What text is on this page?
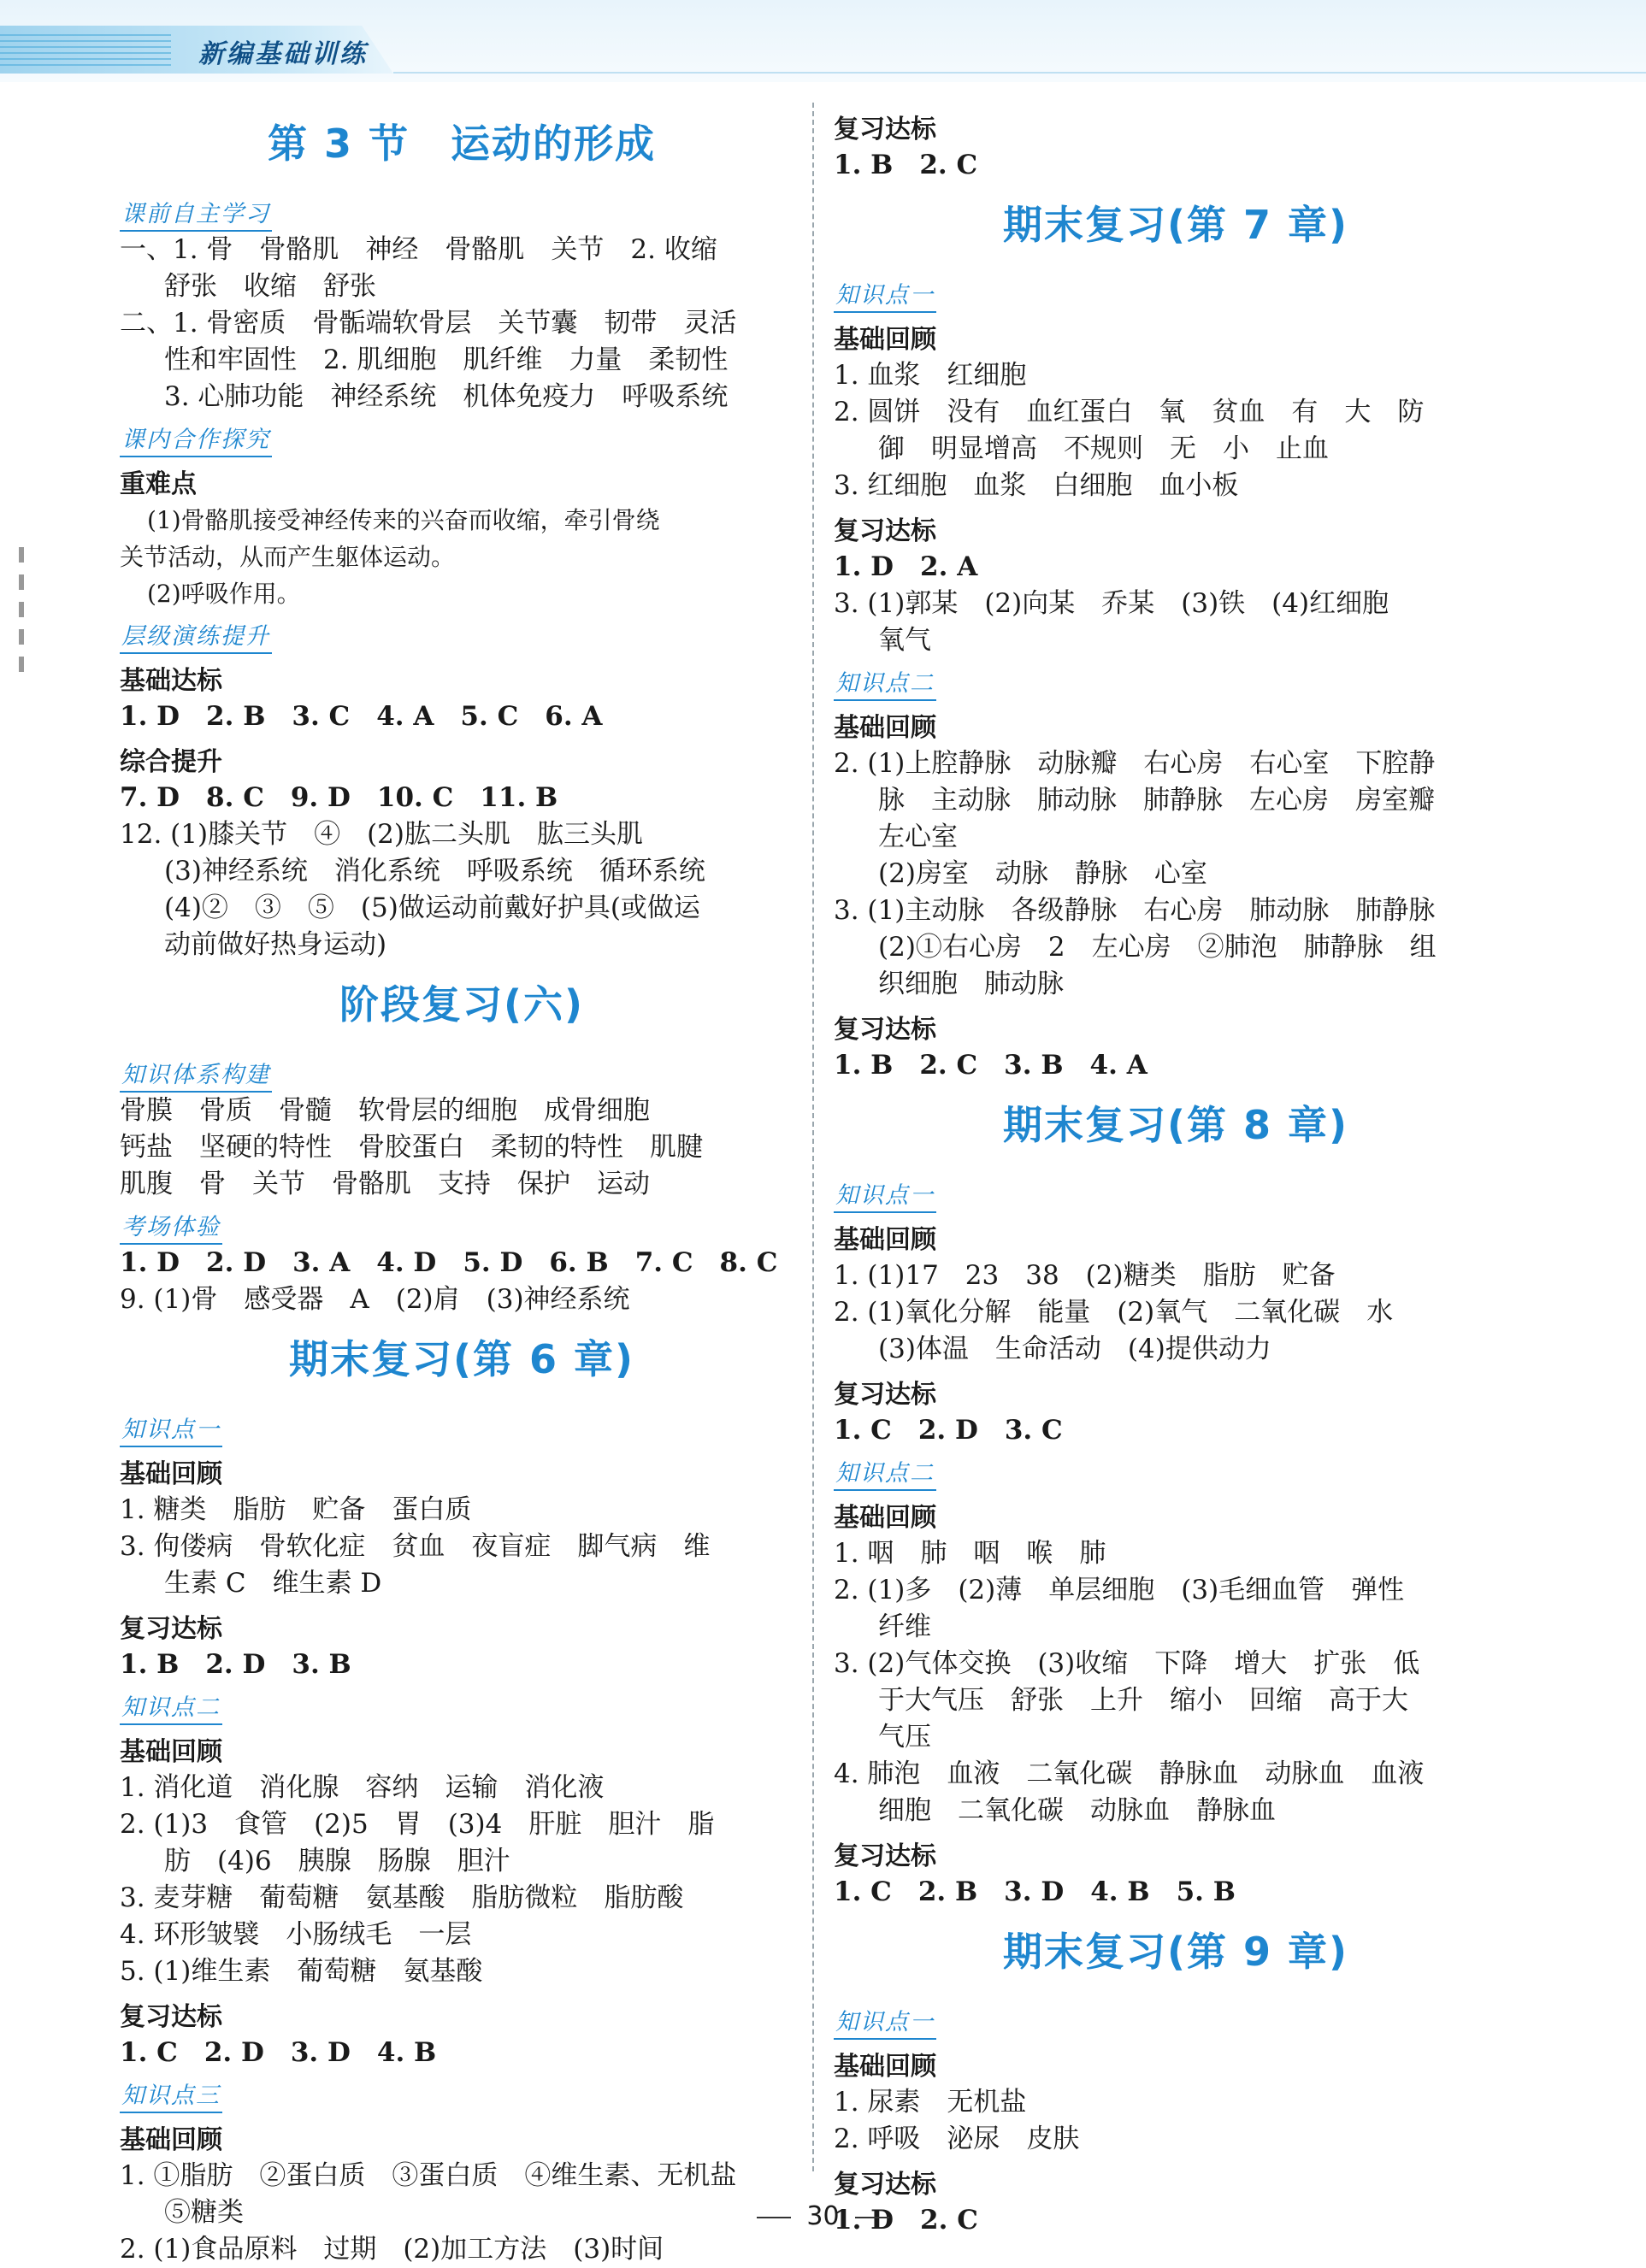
新编基础训练
第 3 节　运动的形成
课前自主学习
一、1. 骨　骨骼肌　神经　骨骼肌　关节　2. 收缩
舒张　收缩　舒张
二、1. 骨密质　骨骺端软骨层　关节囊　韧带　灵活
性和牢固性　2. 肌细胞　肌纤维　力量　柔韧性
3. 心肺功能　神经系统　机体免疫力　呼吸系统
课内合作探究
重难点
(1)骨骼肌接受神经传来的兴奋而收缩，牵引骨绕
关节活动，从而产生躯体运动。
(2)呼吸作用。
层级演练提升
基础达标
1. D　2. B　3. C　4. A　5. C　6. A
综合提升
7. D　8. C　9. D　10. C　11. B
12. (1)膝关节　④　(2)肱二头肌　肱三头肌
(3)神经系统　消化系统　呼吸系统　循环系统
(4)②　③　⑤　(5)做运动前戴好护具(或做运
动前做好热身运动)
阶段复习(六)
知识体系构建
骨膜　骨质　骨髓　软骨层的细胞　成骨细胞
钙盐　坚硬的特性　骨胶蛋白　柔韧的特性　肌腱
肌腹　骨　关节　骨骼肌　支持　保护　运动
考场体验
1. D　2. D　3. A　4. D　5. D　6. B　7. C　8. C
9. (1)骨　感受器　A　(2)肩　(3)神经系统
期末复习(第 6 章)
知识点一
基础回顾
1. 糖类　脂肪　贮备　蛋白质
3. 佝偻病　骨软化症　贫血　夜盲症　脚气病　维
生素 C　维生素 D
复习达标
1. B　2. D　3. B
知识点二
基础回顾
1. 消化道　消化腺　容纳　运输　消化液
2. (1)3　食管　(2)5　胃　(3)4　肝脏　胆汁　脂
肪　(4)6　胰腺　肠腺　胆汁
3. 麦芽糖　葡萄糖　氨基酸　脂肪微粒　脂肪酸
4. 环形皱襞　小肠绒毛　一层
5. (1)维生素　葡萄糖　氨基酸
复习达标
1. C　2. D　3. D　4. B
知识点三
基础回顾
1. ①脂肪　②蛋白质　③蛋白质　④维生素、无机盐
⑤糖类
2. (1)食品原料　过期　(2)加工方法　(3)时间
复习达标
1. B　2. C
期末复习(第 7 章)
知识点一
基础回顾
1. 血浆　红细胞
2. 圆饼　没有　血红蛋白　氧　贫血　有　大　防
御　明显增高　不规则　无　小　止血
3. 红细胞　血浆　白细胞　血小板
复习达标
1. D　2. A
3. (1)郭某　(2)向某　乔某　(3)铁　(4)红细胞
氧气
知识点二
基础回顾
2. (1)上腔静脉　动脉瓣　右心房　右心室　下腔静
脉　主动脉　肺动脉　肺静脉　左心房　房室瓣
左心室
(2)房室　动脉　静脉　心室
3. (1)主动脉　各级静脉　右心房　肺动脉　肺静脉
(2)①右心房　2　左心房　②肺泡　肺静脉　组
织细胞　肺动脉
复习达标
1. B　2. C　3. B　4. A
期末复习(第 8 章)
知识点一
基础回顾
1. (1)17　23　38　(2)糖类　脂肪　贮备
2. (1)氧化分解　能量　(2)氧气　二氧化碳　水
(3)体温　生命活动　(4)提供动力
复习达标
1. C　2. D　3. C
知识点二
基础回顾
1. 咽　肺　咽　喉　肺
2. (1)多　(2)薄　单层细胞　(3)毛细血管　弹性
纤维
3. (2)气体交换　(3)收缩　下降　增大　扩张　低
于大气压　舒张　上升　缩小　回缩　高于大
气压
4. 肺泡　血液　二氧化碳　静脉血　动脉血　血液
细胞　二氧化碳　动脉血　静脉血
复习达标
1. C　2. B　3. D　4. B　5. B
期末复习(第 9 章)
知识点一
基础回顾
1. 尿素　无机盐
2. 呼吸　泌尿　皮肤
复习达标
1. D　2. C
30
